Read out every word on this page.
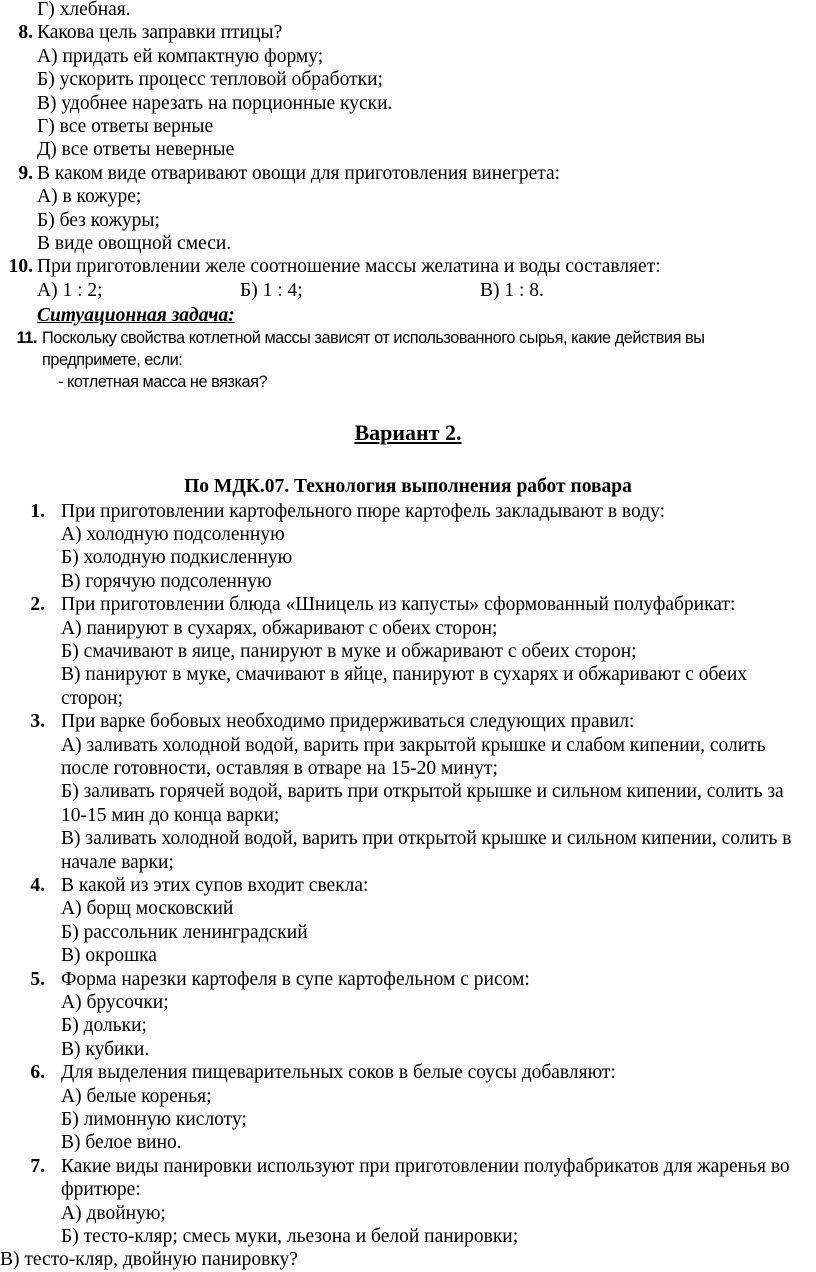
Г) хлебная.
8. Какова цель заправки птицы?
А) придать ей компактную форму;
Б) ускорить процесс тепловой обработки;
В) удобнее нарезать на порционные куски.
Г) все ответы верные
Д) все ответы неверные
9. В каком виде отваривают овощи для приготовления винегрета:
А) в кожуре;
Б) без кожуры;
В виде овощной смеси.
10. При приготовлении желе соотношение массы желатина и воды составляет:
А) 1 : 2;	Б) 1 : 4;	В) 1 : 8.
Ситуационная задача:
11. Поскольку свойства котлетной массы зависят от использованного сырья, какие действия вы предпримете, если:
- котлетная масса не вязкая?
Вариант 2.
По МДК.07. Технология выполнения работ повара
1. При приготовлении картофельного пюре картофель закладывают в воду:
А) холодную подсоленную
Б) холодную подкисленную
В) горячую подсоленную
2. При приготовлении блюда «Шницель из капусты» сформованный полуфабрикат:
А) панируют в сухарях, обжаривают с обеих сторон;
Б) смачивают в яице, панируют в муке и обжаривают с обеих сторон;
В) панируют в муке, смачивают в яйце, панируют в сухарях и обжаривают с обеих сторон;
3. При варке бобовых необходимо придерживаться следующих правил:
А) заливать холодной водой, варить при закрытой крышке и слабом кипении, солить после готовности, оставляя в отваре на 15-20 минут;
Б) заливать горячей водой, варить при открытой крышке и сильном кипении, солить за 10-15 мин до конца варки;
В) заливать холодной водой, варить при открытой крышке и сильном кипении, солить в начале варки;
4. В какой из этих супов входит свекла:
А) борщ московский
Б) рассольник ленинградский
В) окрошка
5. Форма нарезки картофеля в супе картофельном с рисом:
А) брусочки;
Б) дольки;
В) кубики.
6. Для выделения пищеварительных соков в белые соусы добавляют:
А) белые коренья;
Б) лимонную кислоту;
В) белое вино.
7. Какие виды панировки используют при приготовлении полуфабрикатов для жаренья во фритюре:
А) двойную;
Б) тесто-кляр; смесь муки, льезона и белой панировки;
В) тесто-кляр, двойную панировку?
